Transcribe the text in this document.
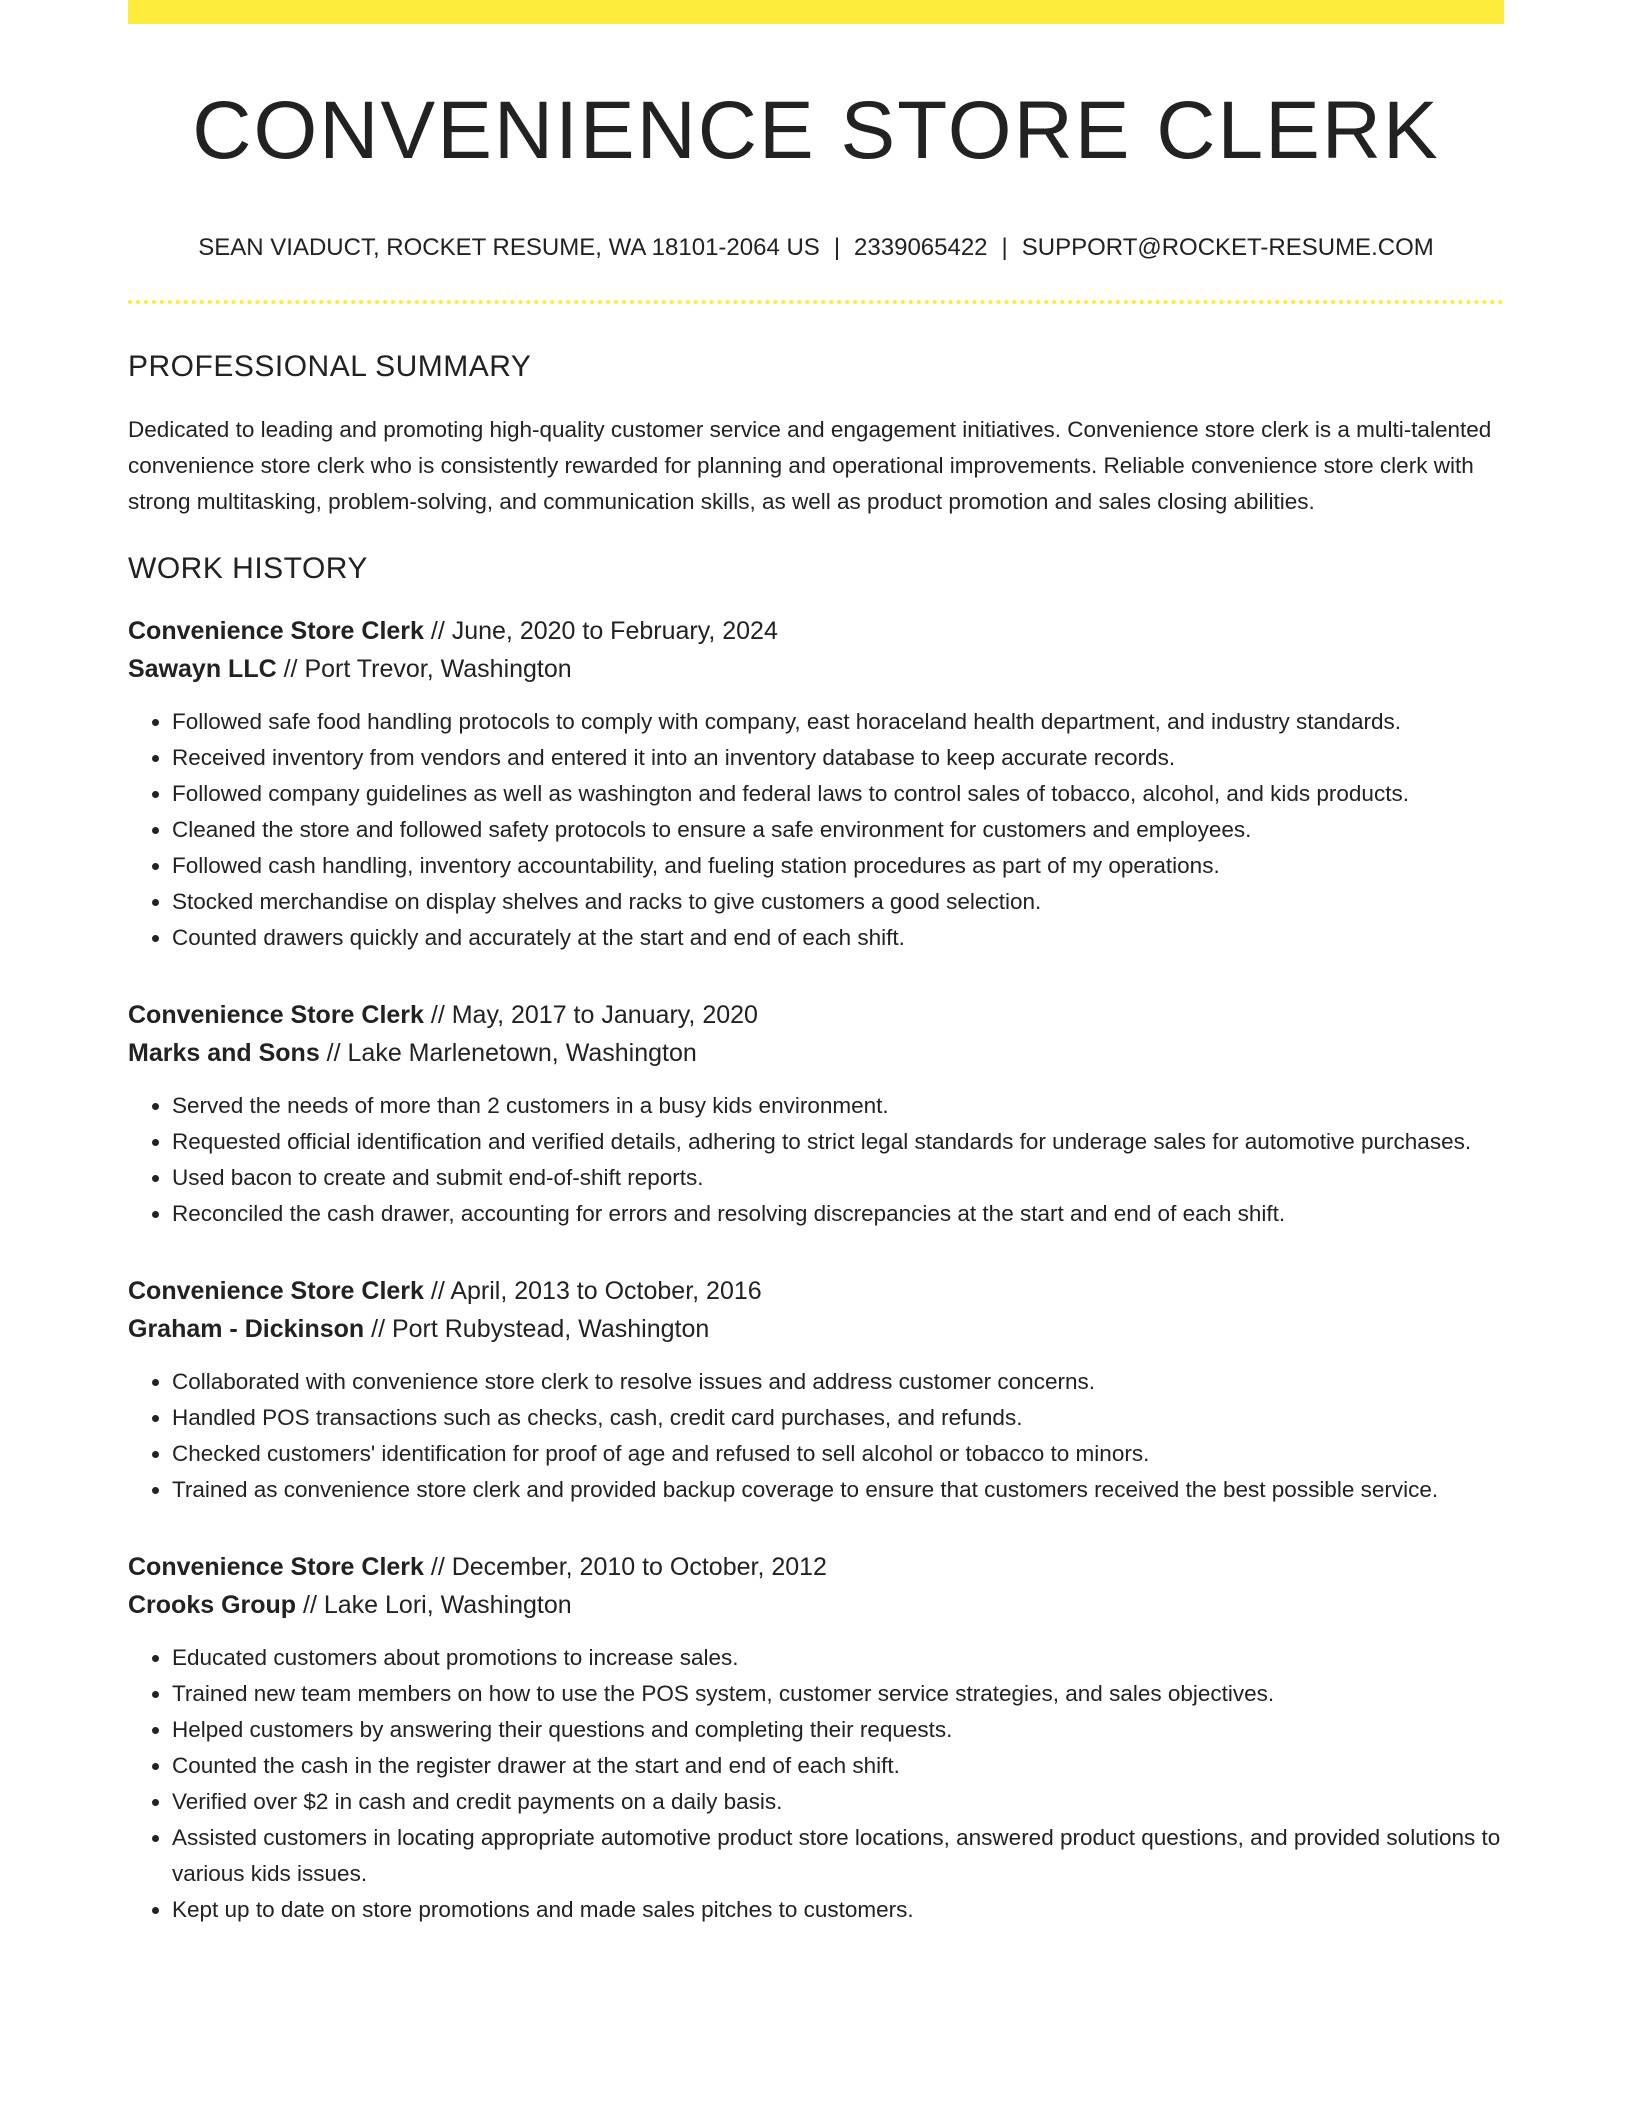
CONVENIENCE STORE CLERK
SEAN VIADUCT, ROCKET RESUME, WA 18101-2064 US | 2339065422 | SUPPORT@ROCKET-RESUME.COM
PROFESSIONAL SUMMARY

Dedicated to leading and promoting high-quality customer service and engagement initiatives. Convenience store clerk is a multi-talented convenience store clerk who is consistently rewarded for planning and operational improvements. Reliable convenience store clerk with strong multitasking, problem-solving, and communication skills, as well as product promotion and sales closing abilities.

WORK HISTORY
Convenience Store Clerk // June, 2020 to February, 2024
Sawayn LLC // Port Trevor, Washington
• Followed safe food handling protocols to comply with company, east horaceland health department, and industry standards.
• Received inventory from vendors and entered it into an inventory database to keep accurate records.
• Followed company guidelines as well as washington and federal laws to control sales of tobacco, alcohol, and kids products.
• Cleaned the store and followed safety protocols to ensure a safe environment for customers and employees.
• Followed cash handling, inventory accountability, and fueling station procedures as part of my operations.
• Stocked merchandise on display shelves and racks to give customers a good selection.
• Counted drawers quickly and accurately at the start and end of each shift.
Convenience Store Clerk // May, 2017 to January, 2020
Marks and Sons // Lake Marlenetown, Washington
• Served the needs of more than 2 customers in a busy kids environment.
• Requested official identification and verified details, adhering to strict legal standards for underage sales for automotive purchases.
• Used bacon to create and submit end-of-shift reports.
• Reconciled the cash drawer, accounting for errors and resolving discrepancies at the start and end of each shift.
Convenience Store Clerk // April, 2013 to October, 2016
Graham - Dickinson // Port Rubystead, Washington
• Collaborated with convenience store clerk to resolve issues and address customer concerns.
• Handled POS transactions such as checks, cash, credit card purchases, and refunds.
• Checked customers' identification for proof of age and refused to sell alcohol or tobacco to minors.
• Trained as convenience store clerk and provided backup coverage to ensure that customers received the best possible service.
Convenience Store Clerk // December, 2010 to October, 2012
Crooks Group // Lake Lori, Washington
• Educated customers about promotions to increase sales.
• Trained new team members on how to use the POS system, customer service strategies, and sales objectives.
• Helped customers by answering their questions and completing their requests.
• Counted the cash in the register drawer at the start and end of each shift.
• Verified over $2 in cash and credit payments on a daily basis.
• Assisted customers in locating appropriate automotive product store locations, answered product questions, and provided solutions to various kids issues.
• Kept up to date on store promotions and made sales pitches to customers.
